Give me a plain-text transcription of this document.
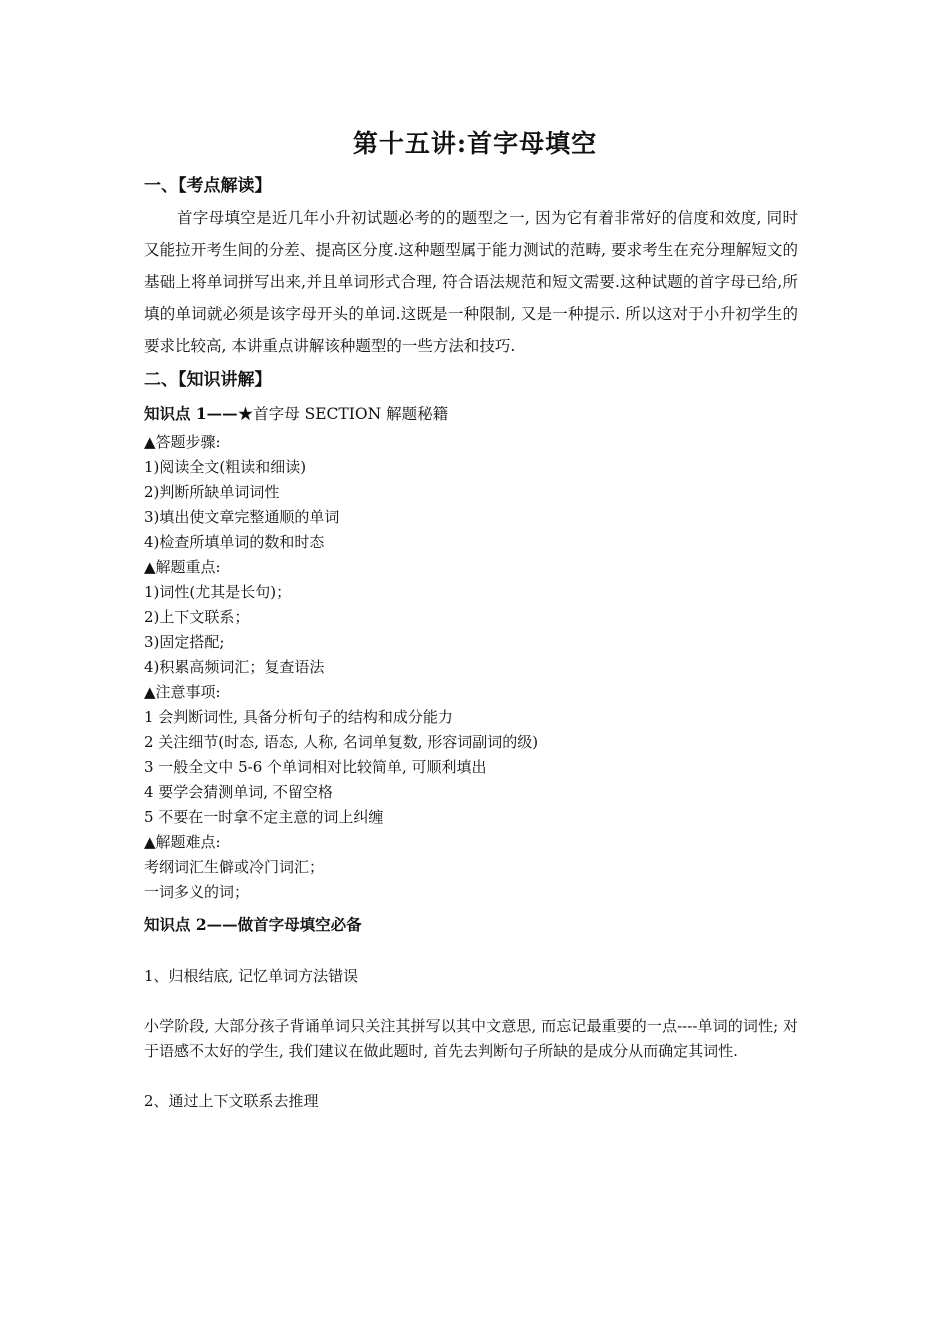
第十五讲:首字母填空
一、【考点解读】
首字母填空是近几年小升初试题必考的的题型之一, 因为它有着非常好的信度和效度, 同时又能拉开考生间的分差、提高区分度.这种题型属于能力测试的范畴, 要求考生在充分理解短文的基础上将单词拼写出来,并且单词形式合理, 符合语法规范和短文需要.这种试题的首字母已给,所填的单词就必须是该字母开头的单词.这既是一种限制, 又是一种提示. 所以这对于小升初学生的要求比较高, 本讲重点讲解该种题型的一些方法和技巧.
二、【知识讲解】
知识点 1——★首字母 SECTION 解题秘籍
▲答题步骤:
1)阅读全文(粗读和细读)
2)判断所缺单词词性
3)填出使文章完整通顺的单词
4)检查所填单词的数和时态
▲解题重点:
1)词性(尤其是长句)；
2)上下文联系；
3)固定搭配;
4)积累高频词汇；复查语法
▲注意事项:
1 会判断词性, 具备分析句子的结构和成分能力
2 关注细节(时态, 语态, 人称, 名词单复数, 形容词副词的级)
3 一般全文中 5-6 个单词相对比较简单, 可顺利填出
4 要学会猜测单词, 不留空格
5 不要在一时拿不定主意的词上纠缠
▲解题难点:
考纲词汇生僻或冷门词汇；
一词多义的词；
知识点 2——做首字母填空必备
1、归根结底, 记忆单词方法错误
小学阶段, 大部分孩子背诵单词只关注其拼写以其中文意思, 而忘记最重要的一点----单词的词性; 对于语感不太好的学生, 我们建议在做此题时, 首先去判断句子所缺的是成分从而确定其词性.
2、通过上下文联系去推理
